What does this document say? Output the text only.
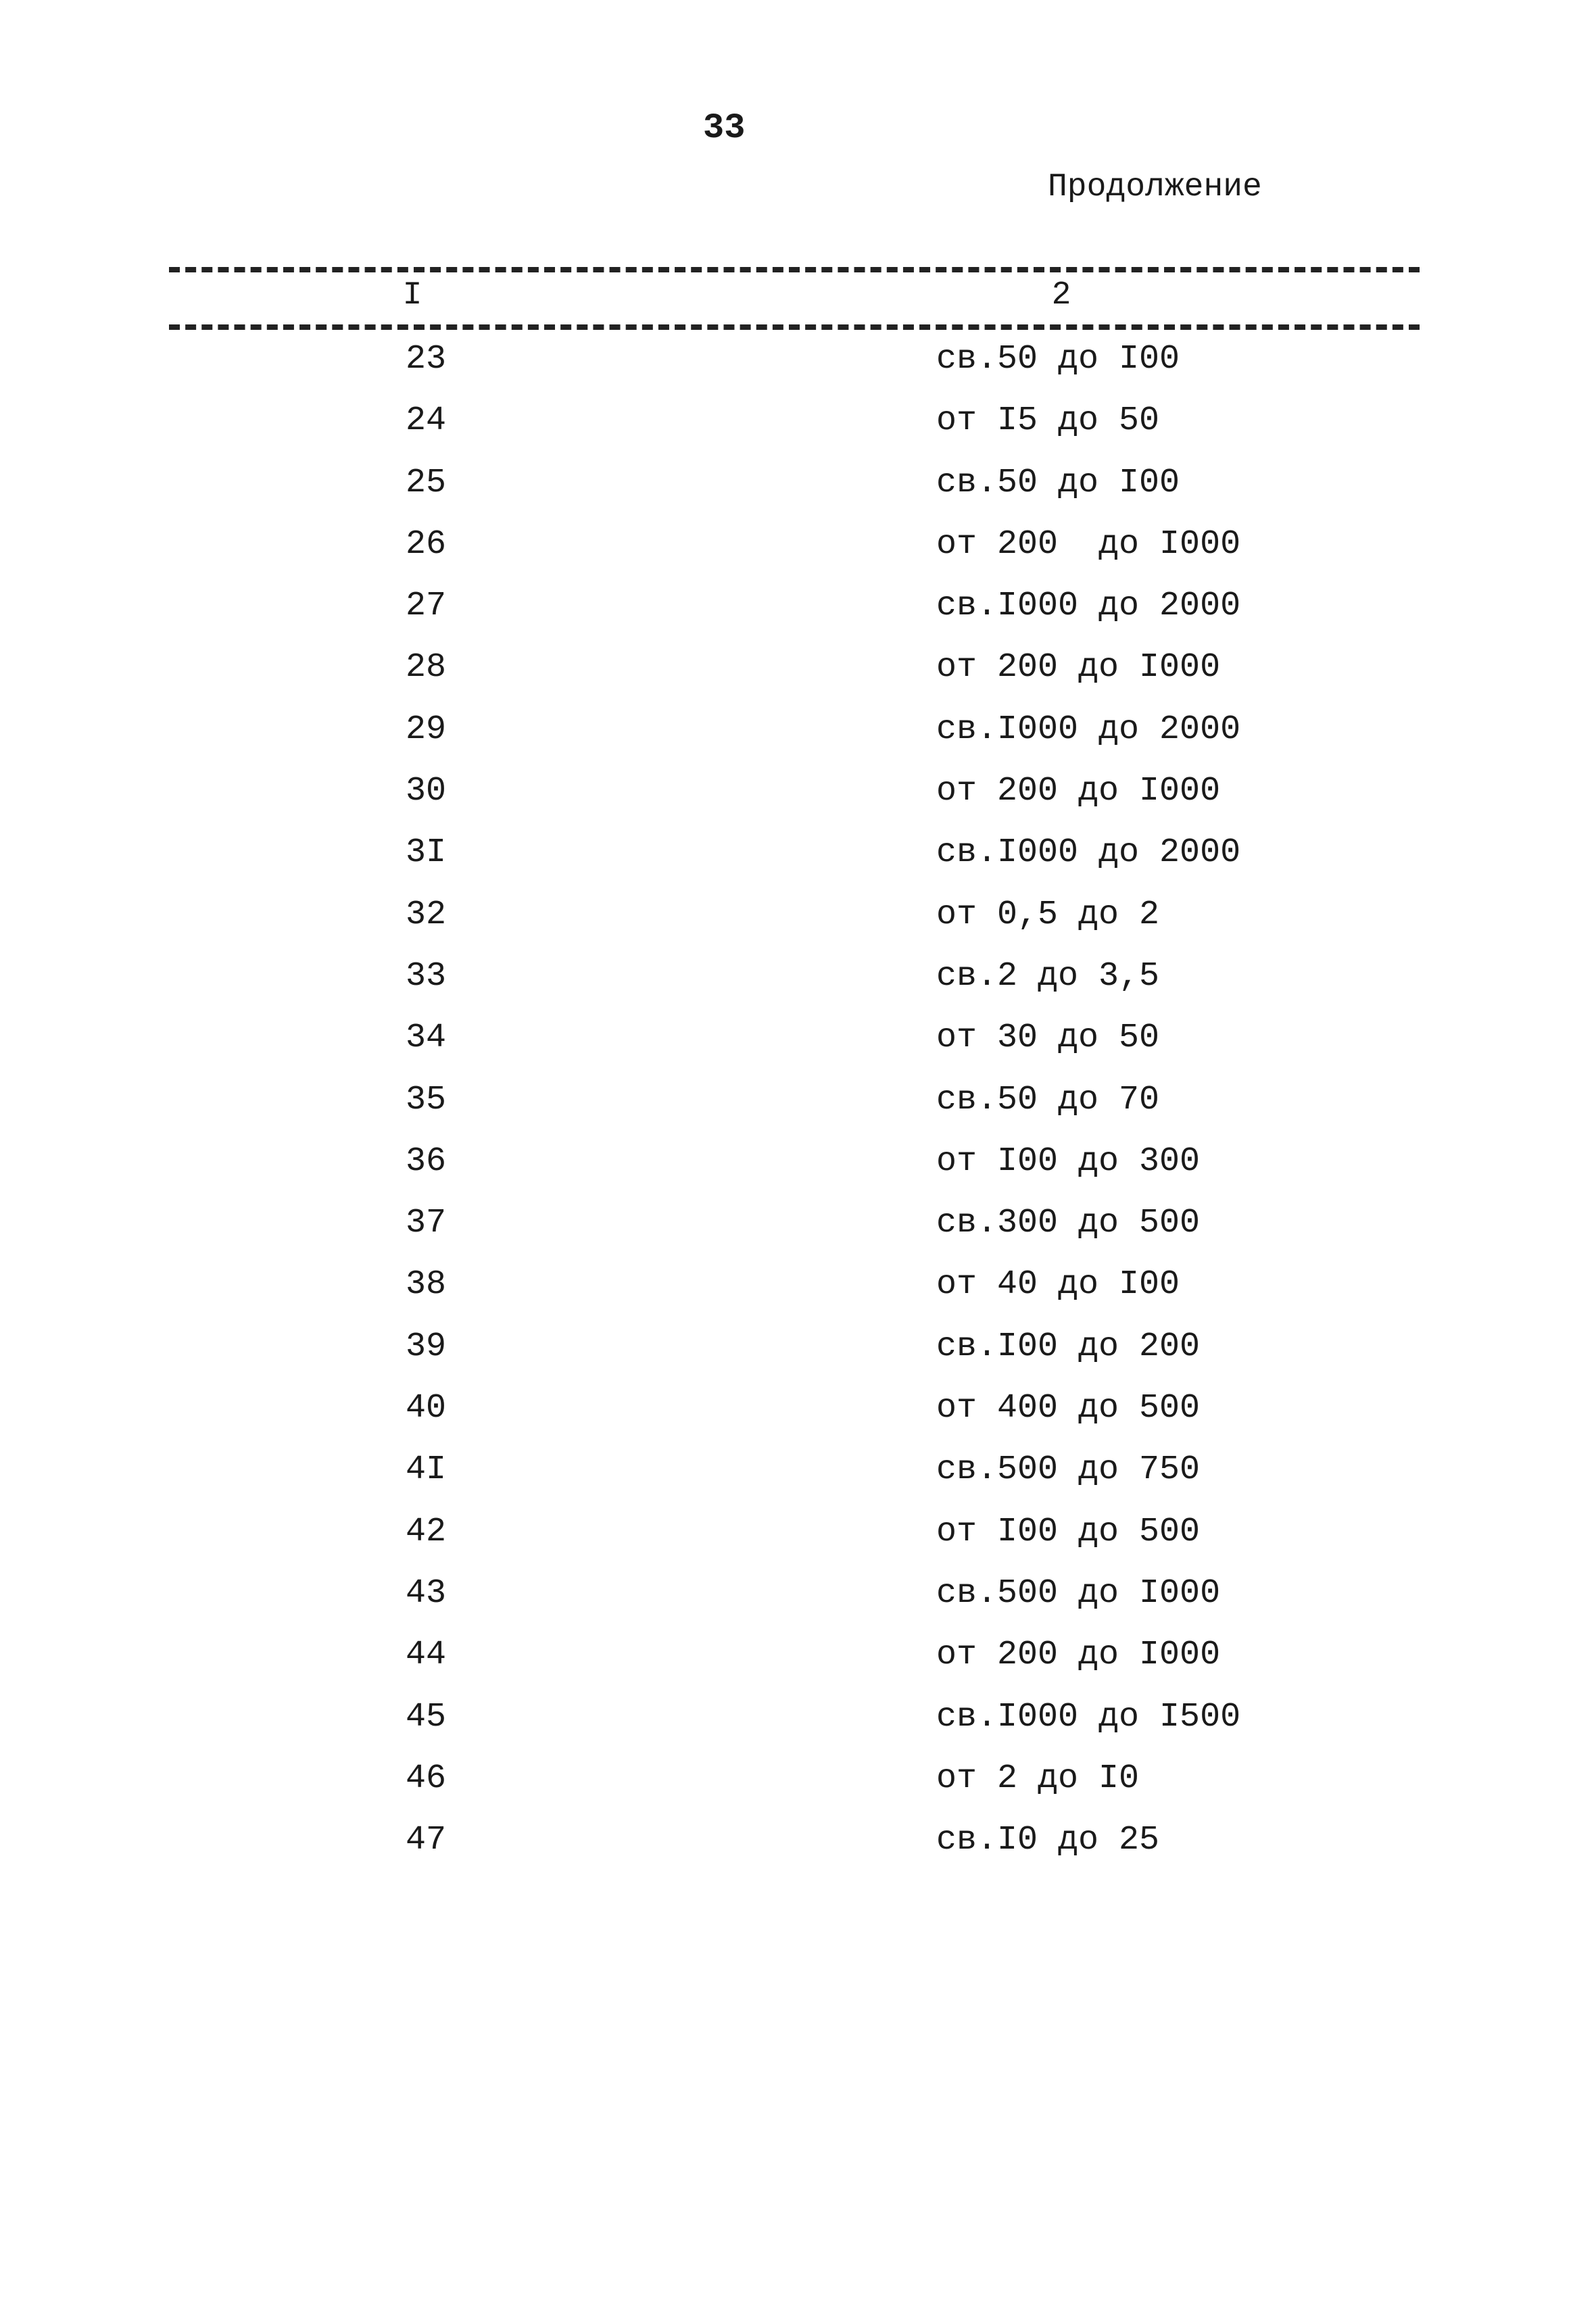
33
Продолжение
I	2
23	св.50 до I00
24	от I5 до 50
25	св.50 до I00
26	от 200  до I000
27	св.I000 до 2000
28	от 200 до I000
29	св.I000 до 2000
30	от 200 до I000
3I	св.I000 до 2000
32	от 0,5 до 2
33	св.2 до 3,5
34	от 30 до 50
35	св.50 до 70
36	от I00 до 300
37	св.300 до 500
38	от 40 до I00
39	св.I00 до 200
40	от 400 до 500
4I	св.500 до 750
42	от I00 до 500
43	св.500 до I000
44	от 200 до I000
45	св.I000 до I500
46	от 2 до I0
47	св.I0 до 25
